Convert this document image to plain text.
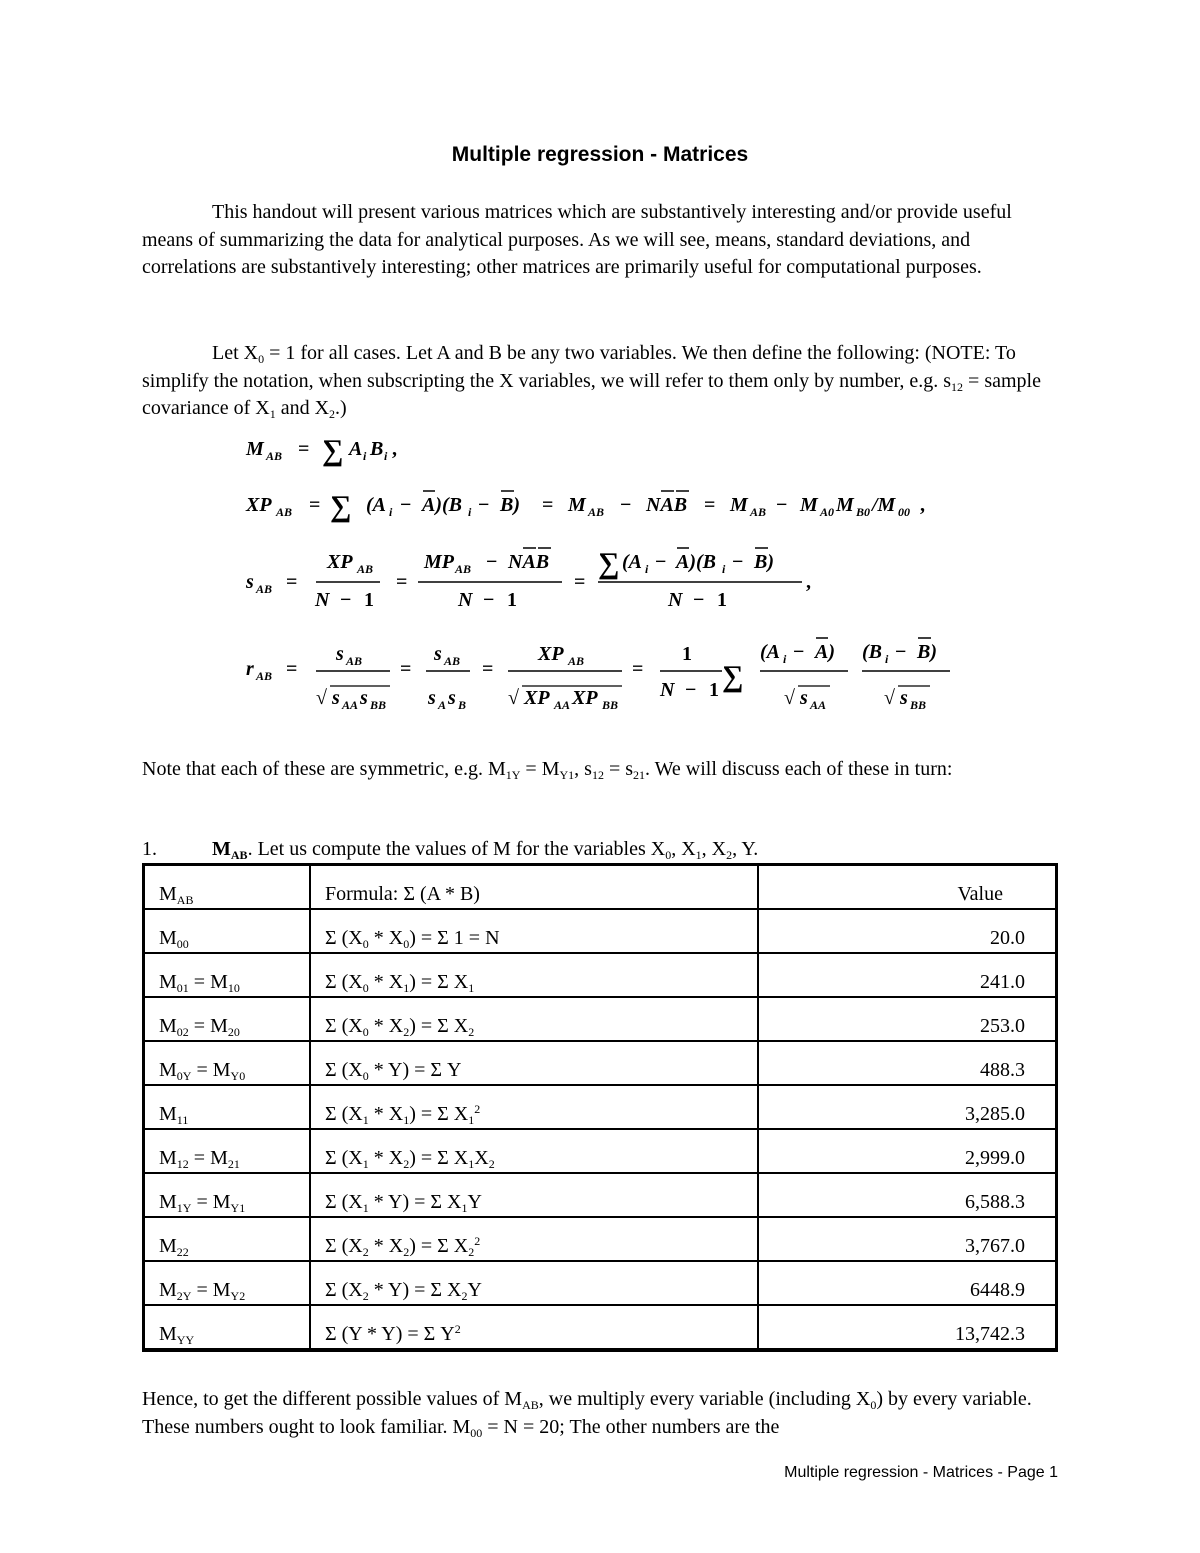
Multiple regression - Matrices
This handout will present various matrices which are substantively interesting and/or provide useful means of summarizing the data for analytical purposes. As we will see, means, standard deviations, and correlations are substantively interesting; other matrices are primarily useful for computational purposes.
Let $X_0 = 1$ for all cases. Let A and B be any two variables. We then define the following: (NOTE: To simplify the notation, when subscripting the X variables, we will refer to them only by number, e.g. $s_{12}$ = sample covariance of $X_1$ and $X_2$.)
M AB = ∑ A i B i ,
XP AB = ∑ (A i − A)(B i − B) = M AB − NAB = M AB − M A0 M B0 /M 00 ,
s AB =
XP AB
N − 1
=
MP AB − NAB
N − 1
=
∑ (A i − A)(B i − B)
N − 1
,
r AB =
s AB
√ s AA s BB
=
s AB
s A s B
=
XP AB
√ XP AA XP BB
=
1
N − 1 ∑
(A i − A)
√ s AA
(B i − B)
√ s BB
Note that each of these are symmetric, e.g. $M_{1Y} = M_{Y1}$, $s_{12} = s_{21}$. We will discuss each of these in turn:
1.	$M_{AB}$. Let us compute the values of M for the variables $X_0$, $X_1$, $X_2$, Y.
$M_{AB}$	Formula: Σ (A * B)	Value
$M_{00}$	Σ $(X_0 * X_0) = \Sigma$ 1 = N	20.0
$M_{01} = M_{10}$	Σ $(X_0 * X_1) = \Sigma$ $X_1$	241.0
$M_{02} = M_{20}$	Σ $(X_0 * X_2) = \Sigma$ $X_2$	253.0
$M_{0Y} = M_{Y0}$	Σ $(X_0 * Y) = \Sigma$ Y	488.3
$M_{11}$	Σ $(X_1 * X_1) = \Sigma$ $X_1^2$	3,285.0
$M_{12} = M_{21}$	Σ $(X_1 * X_2) = \Sigma$ $X_1X_2$	2,999.0
$M_{1Y} = M_{Y1}$	Σ $(X_1 * Y) = \Sigma$ $X_1Y$	6,588.3
$M_{22}$	Σ $(X_2 * X_2) = \Sigma$ $X_2^2$	3,767.0
$M_{2Y} = M_{Y2}$	Σ $(X_2 * Y) = \Sigma$ $X_2Y$	6448.9
$M_{YY}$	Σ (Y * Y) = Σ $Y^2$	13,742.3
Hence, to get the different possible values of $M_{AB}$, we multiply every variable (including $X_0$) by every variable. These numbers ought to look familiar. $M_{00} = N = 20$; The other numbers are the
Multiple regression - Matrices - Page 1
